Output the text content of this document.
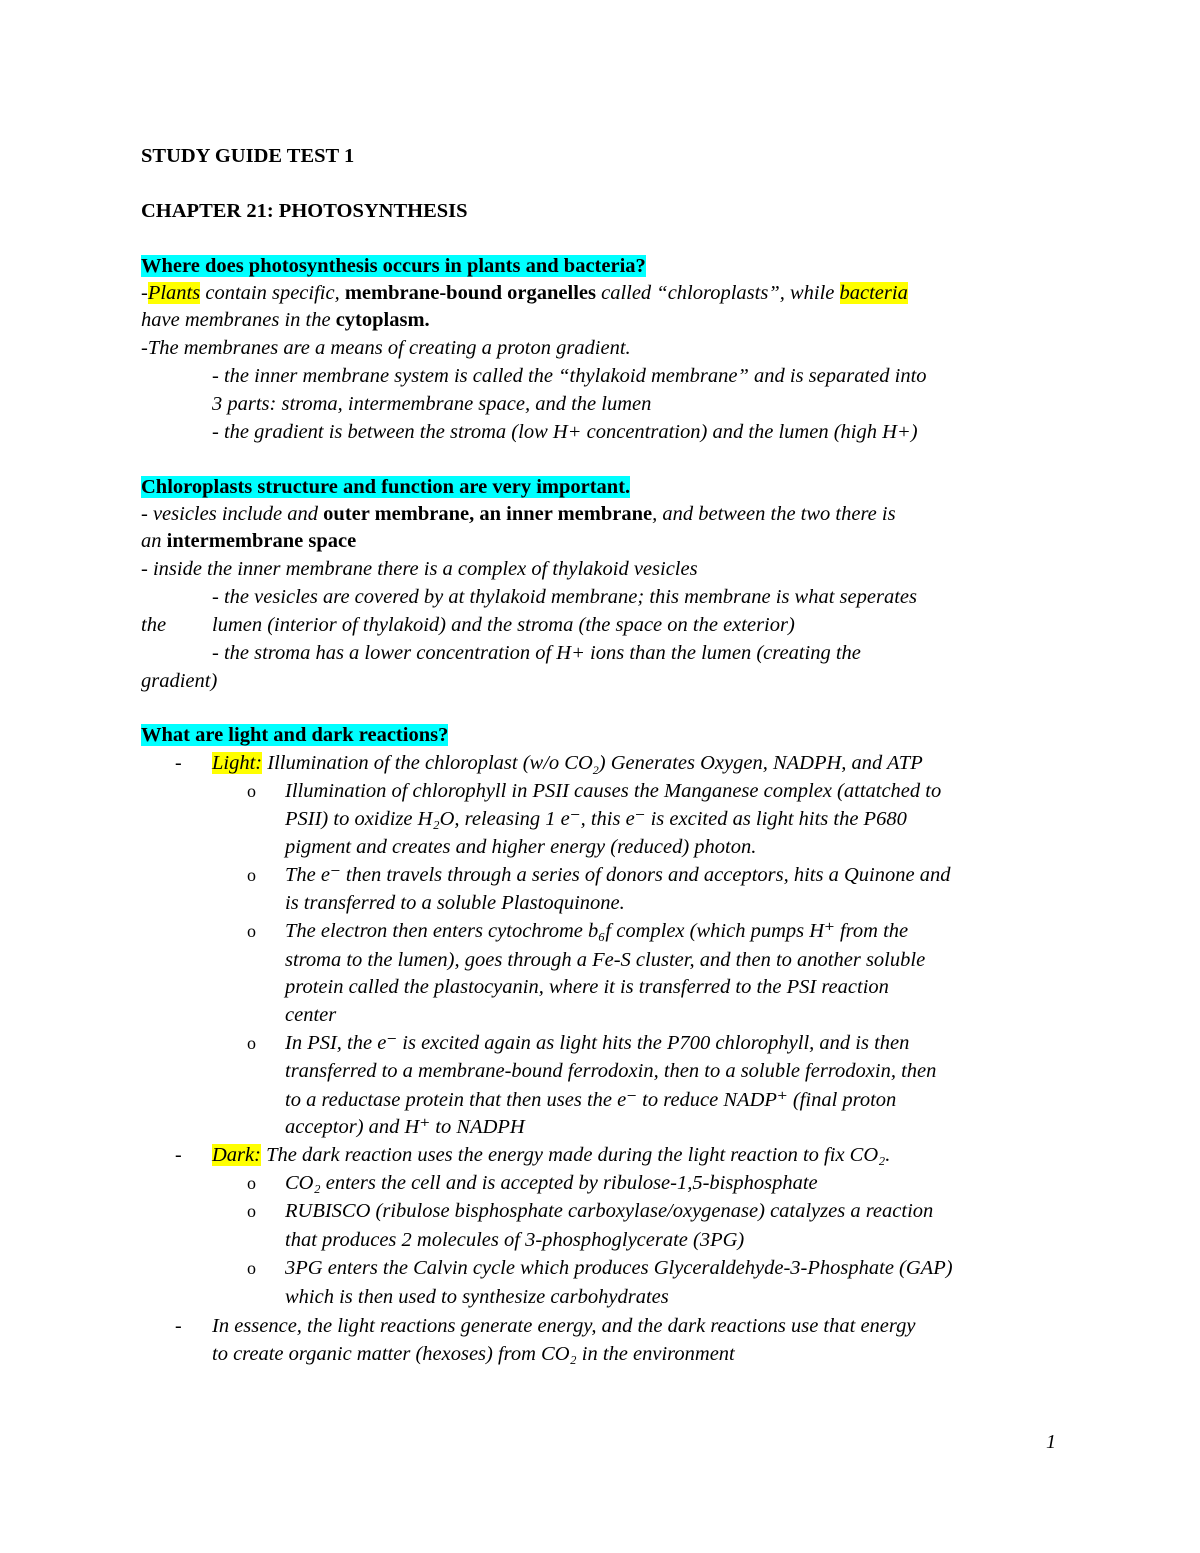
STUDY GUIDE TEST 1
CHAPTER 21: PHOTOSYNTHESIS
Where does photosynthesis occurs in plants and bacteria?
-Plants contain specific, membrane-bound organelles called “chloroplasts”, while bacteria
have membranes in the cytoplasm.
-The membranes are a means of creating a proton gradient.
- the inner membrane system is called the “thylakoid membrane” and is separated into
3 parts: stroma, intermembrane space, and the lumen
- the gradient is between the stroma (low H+ concentration) and the lumen (high H+)
Chloroplasts structure and function are very important.
- vesicles include and outer membrane, an inner membrane, and between the two there is
an intermembrane space
- inside the inner membrane there is a complex of thylakoid vesicles
- the vesicles are covered by at thylakoid membrane; this membrane is what seperates
the lumen (interior of thylakoid) and the stroma (the space on the exterior)
- the stroma has a lower concentration of H+ ions than the lumen (creating the
gradient)
What are light and dark reactions?
- Light: Illumination of the chloroplast (w/o $CO_2$) Generates Oxygen, NADPH, and ATP
o Illumination of chlorophyll in PSII causes the Manganese complex (attatched to
PSII) to oxidize H₂O, releasing 1 e⁻, this e⁻ is excited as light hits the P680
pigment and creates and higher energy (reduced) photon.
o The e⁻ then travels through a series of donors and acceptors, hits a Quinone and
is transferred to a soluble Plastoquinone.
o The electron then enters cytochrome b₆f complex (which pumps H⁺ from the
stroma to the lumen), goes through a Fe-S cluster, and then to another soluble
protein called the plastocyanin, where it is transferred to the PSI reaction
center
o In PSI, the e⁻ is excited again as light hits the P700 chlorophyll, and is then
transferred to a membrane-bound ferrodoxin, then to a soluble ferrodoxin, then
to a reductase protein that then uses the e⁻ to reduce NADP⁺ (final proton
acceptor) and H⁺ to NADPH
- Dark: The dark reaction uses the energy made during the light reaction to fix CO₂.
o CO₂ enters the cell and is accepted by ribulose-1,5-bisphosphate
o RUBISCO (ribulose bisphosphate carboxylase/oxygenase) catalyzes a reaction
that produces 2 molecules of 3-phosphoglycerate (3PG)
o 3PG enters the Calvin cycle which produces Glyceraldehyde-3-Phosphate (GAP)
which is then used to synthesize carbohydrates
- In essence, the light reactions generate energy, and the dark reactions use that energy
to create organic matter (hexoses) from CO₂ in the environment
1
